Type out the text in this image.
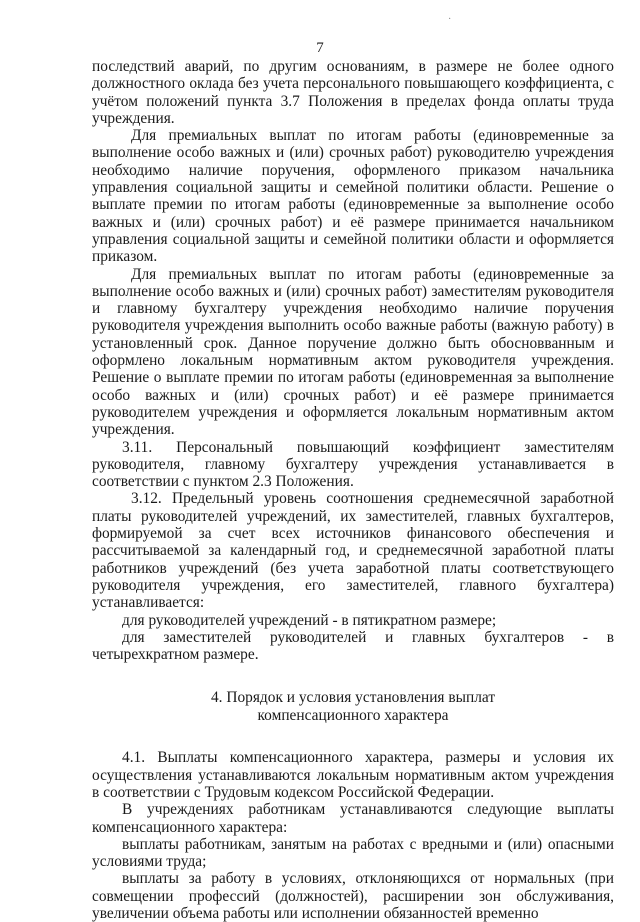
·
7

последствий аварий, по другим основаниям, в размере не более одного должностного оклада без учета персонального повышающего коэффициента, с учётом положений пункта 3.7 Положения в пределах фонда оплаты труда учреждения.

Для премиальных выплат по итогам работы (единовременные за выполнение особо важных и (или) срочных работ) руководителю учреждения необходимо наличие поручения, оформленого приказом начальника управления социальной защиты и семейной политики области. Решение о выплате премии по итогам работы (единовременные за выполнение особо важных и (или) срочных работ) и её размере принимается начальником управления социальной защиты и семейной политики области и оформляется приказом.

Для премиальных выплат по итогам работы (единовременные за выполнение особо важных и (или) срочных работ) заместителям руководителя и главному бухгалтеру учреждения необходимо наличие поручения руководителя учреждения выполнить особо важные работы (важную работу) в установленный срок. Данное поручение должно быть обосновванным и оформлено локальным нормативным актом руководителя учреждения. Решение о выплате премии по итогам работы (единовременная за выполнение особо важных и (или) срочных работ) и её размере принимается руководителем учреждения и оформляется локальным нормативным актом учреждения.

3.11. Персональный повышающий коэффициент заместителям руководителя, главному бухгалтеру учреждения устанавливается в соответствии с пунктом 2.3 Положения.

3.12. Предельный уровень соотношения среднемесячной заработной платы руководителей учреждений, их заместителей, главных бухгалтеров, формируемой за счет всех источников финансового обеспечения и рассчитываемой за календарный год, и среднемесячной заработной платы работников учреждений (без учета заработной платы соответствующего руководителя учреждения, его заместителей, главного бухгалтера) устанавливается:

для руководителей учреждений - в пятикратном размере;

для заместителей руководителей и главных бухгалтеров - в четырехкратном размере.

4. Порядок и условия установления выплат
компенсационного характера

4.1. Выплаты компенсационного характера, размеры и условия их осуществления устанавливаются локальным нормативным актом учреждения в соответствии с Трудовым кодексом Российской Федерации.

В учреждениях работникам устанавливаются следующие выплаты компенсационного характера:

выплаты работникам, занятым на работах с вредными и (или) опасными условиями труда;

выплаты за работу в условиях, отклоняющихся от нормальных (при совмещении профессий (должностей), расширении зон обслуживания, увеличении объема работы или исполнении обязанностей временно
